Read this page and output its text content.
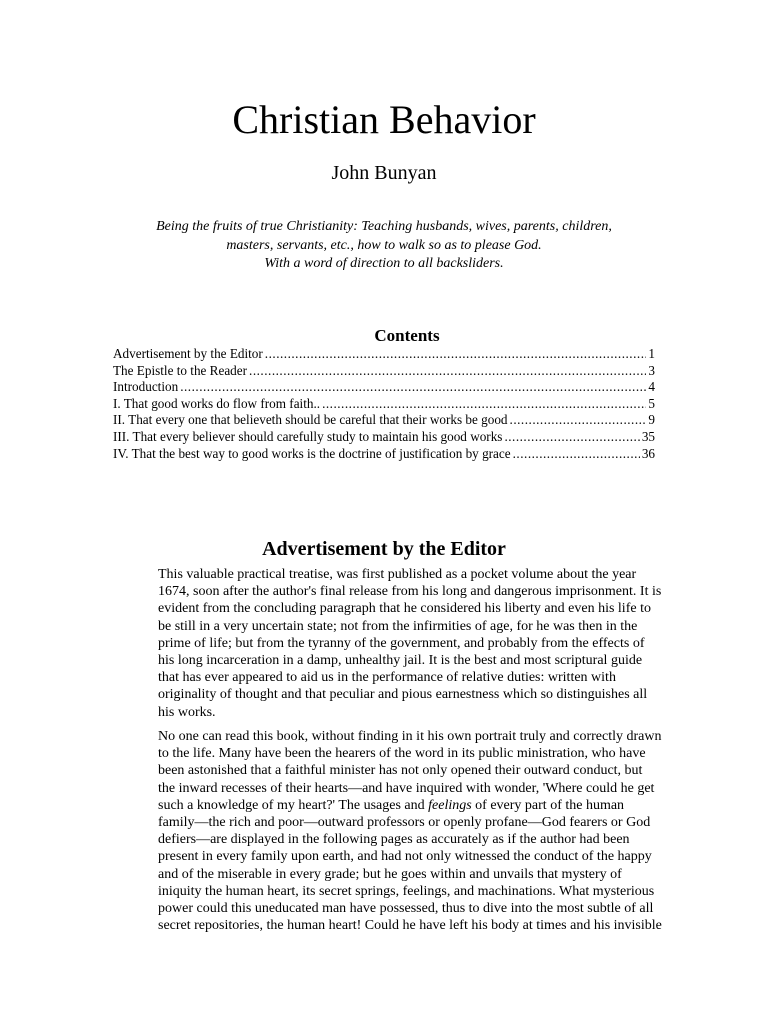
Christian Behavior
John Bunyan
Being the fruits of true Christianity: Teaching husbands, wives, parents, children,
masters, servants, etc., how to walk so as to please God.
With a word of direction to all backsliders.
Contents
Advertisement by the Editor .....	1
The Epistle to the Reader .....	3
Introduction .....	4
I. That good works do flow from faith.. .....	5
II. That every one that believeth should be careful that their works be good .....	9
III. That every believer should carefully study to maintain his good works .....	35
IV. That the best way to good works is the doctrine of justification by grace .....	36
Advertisement by the Editor
This valuable practical treatise, was first published as a pocket volume about the year
1674, soon after the author's final release from his long and dangerous imprisonment. It is
evident from the concluding paragraph that he considered his liberty and even his life to
be still in a very uncertain state; not from the infirmities of age, for he was then in the
prime of life; but from the tyranny of the government, and probably from the effects of
his long incarceration in a damp, unhealthy jail. It is the best and most scriptural guide
that has ever appeared to aid us in the performance of relative duties: written with
originality of thought and that peculiar and pious earnestness which so distinguishes all
his works.
No one can read this book, without finding in it his own portrait truly and correctly drawn
to the life. Many have been the hearers of the word in its public ministration, who have
been astonished that a faithful minister has not only opened their outward conduct, but
the inward recesses of their hearts—and have inquired with wonder, 'Where could he get
such a knowledge of my heart?' The usages and feelings of every part of the human
family—the rich and poor—outward professors or openly profane—God fearers or God
defiers—are displayed in the following pages as accurately as if the author had been
present in every family upon earth, and had not only witnessed the conduct of the happy
and of the miserable in every grade; but he goes within and unvails that mystery of
iniquity the human heart, its secret springs, feelings, and machinations. What mysterious
power could this uneducated man have possessed, thus to dive into the most subtle of all
secret repositories, the human heart! Could he have left his body at times and his invisible
